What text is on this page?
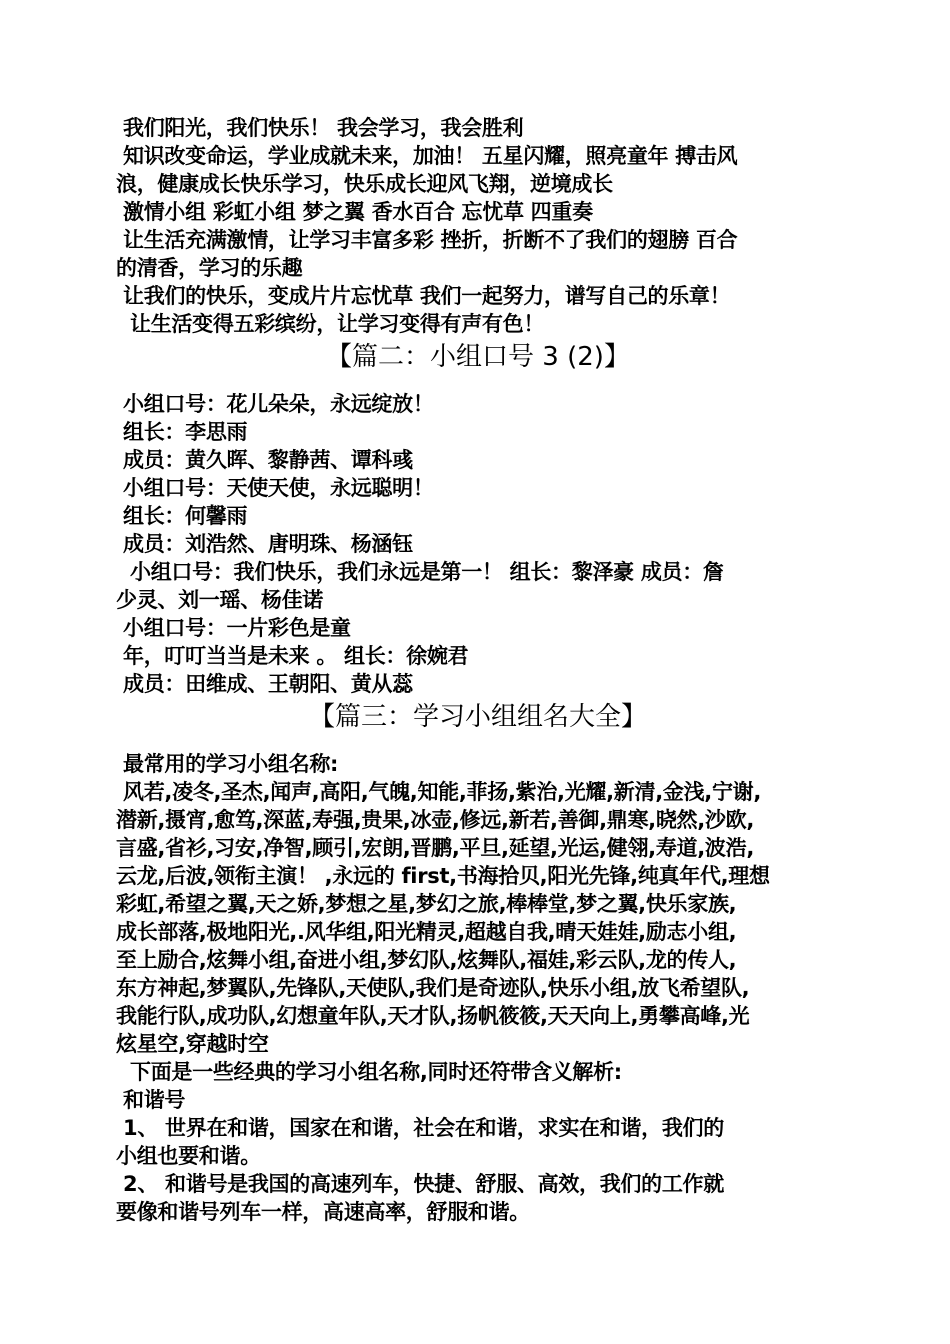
我们阳光，我们快乐！ 我会学习，我会胜利
知识改变命运，学业成就未来，加油！ 五星闪耀，照亮童年 搏击风
浪，健康成长快乐学习，快乐成长迎风飞翔，逆境成长
激情小组 彩虹小组 梦之翼 香水百合 忘忧草 四重奏
让生活充满激情，让学习丰富多彩 挫折，折断不了我们的翅膀 百合
的清香，学习的乐趣
让我们的快乐，变成片片忘忧草 我们一起努力，谱写自己的乐章！
让生活变得五彩缤纷，让学习变得有声有色！
【篇二：小组口号 3 (2)】
小组口号：花儿朵朵，永远绽放！
组长：李思雨
成员：黄久晖、黎静茜、谭科彧
小组口号：天使天使，永远聪明！
组长：何馨雨
成员：刘浩然、唐明珠、杨涵钰
小组口号：我们快乐，我们永远是第一！ 组长：黎泽豪 成员：詹
少灵、刘一瑶、杨佳诺
小组口号：一片彩色是童
年，叮叮当当是未来 。 组长：徐婉君
成员：田维成、王朝阳、黄从蕊
【篇三：学习小组组名大全】
最常用的学习小组名称:
风若,凌冬,圣杰,闻声,高阳,气魄,知能,菲扬,紫治,光耀,新清,金浅,宁谢,
潜新,摄宵,愈笃,深蓝,寿强,贵果,冰壶,修远,新若,善御,鼎寒,晓然,沙欧,
言盛,省衫,习安,净智,顾引,宏朗,晋鹏,平旦,延望,光运,健翎,寿道,波浩,
云龙,后波,领衔主演！ ,永远的 first,书海拾贝,阳光先锋,纯真年代,理想
彩虹,希望之翼,天之娇,梦想之星,梦幻之旅,棒棒堂,梦之翼,快乐家族,
成长部落,极地阳光,.风华组,阳光精灵,超越自我,晴天娃娃,励志小组,
至上励合,炫舞小组,奋进小组,梦幻队,炫舞队,福娃,彩云队,龙的传人,
东方神起,梦翼队,先锋队,天使队,我们是奇迹队,快乐小组,放飞希望队,
我能行队,成功队,幻想童年队,天才队,扬帆筱筱,天天向上,勇攀高峰,光
炫星空,穿越时空
下面是一些经典的学习小组名称,同时还符带含义解析:
和谐号
1、 世界在和谐，国家在和谐，社会在和谐，求实在和谐，我们的
小组也要和谐。
2、 和谐号是我国的高速列车，快捷、舒服、高效，我们的工作就
要像和谐号列车一样，高速高率，舒服和谐。
